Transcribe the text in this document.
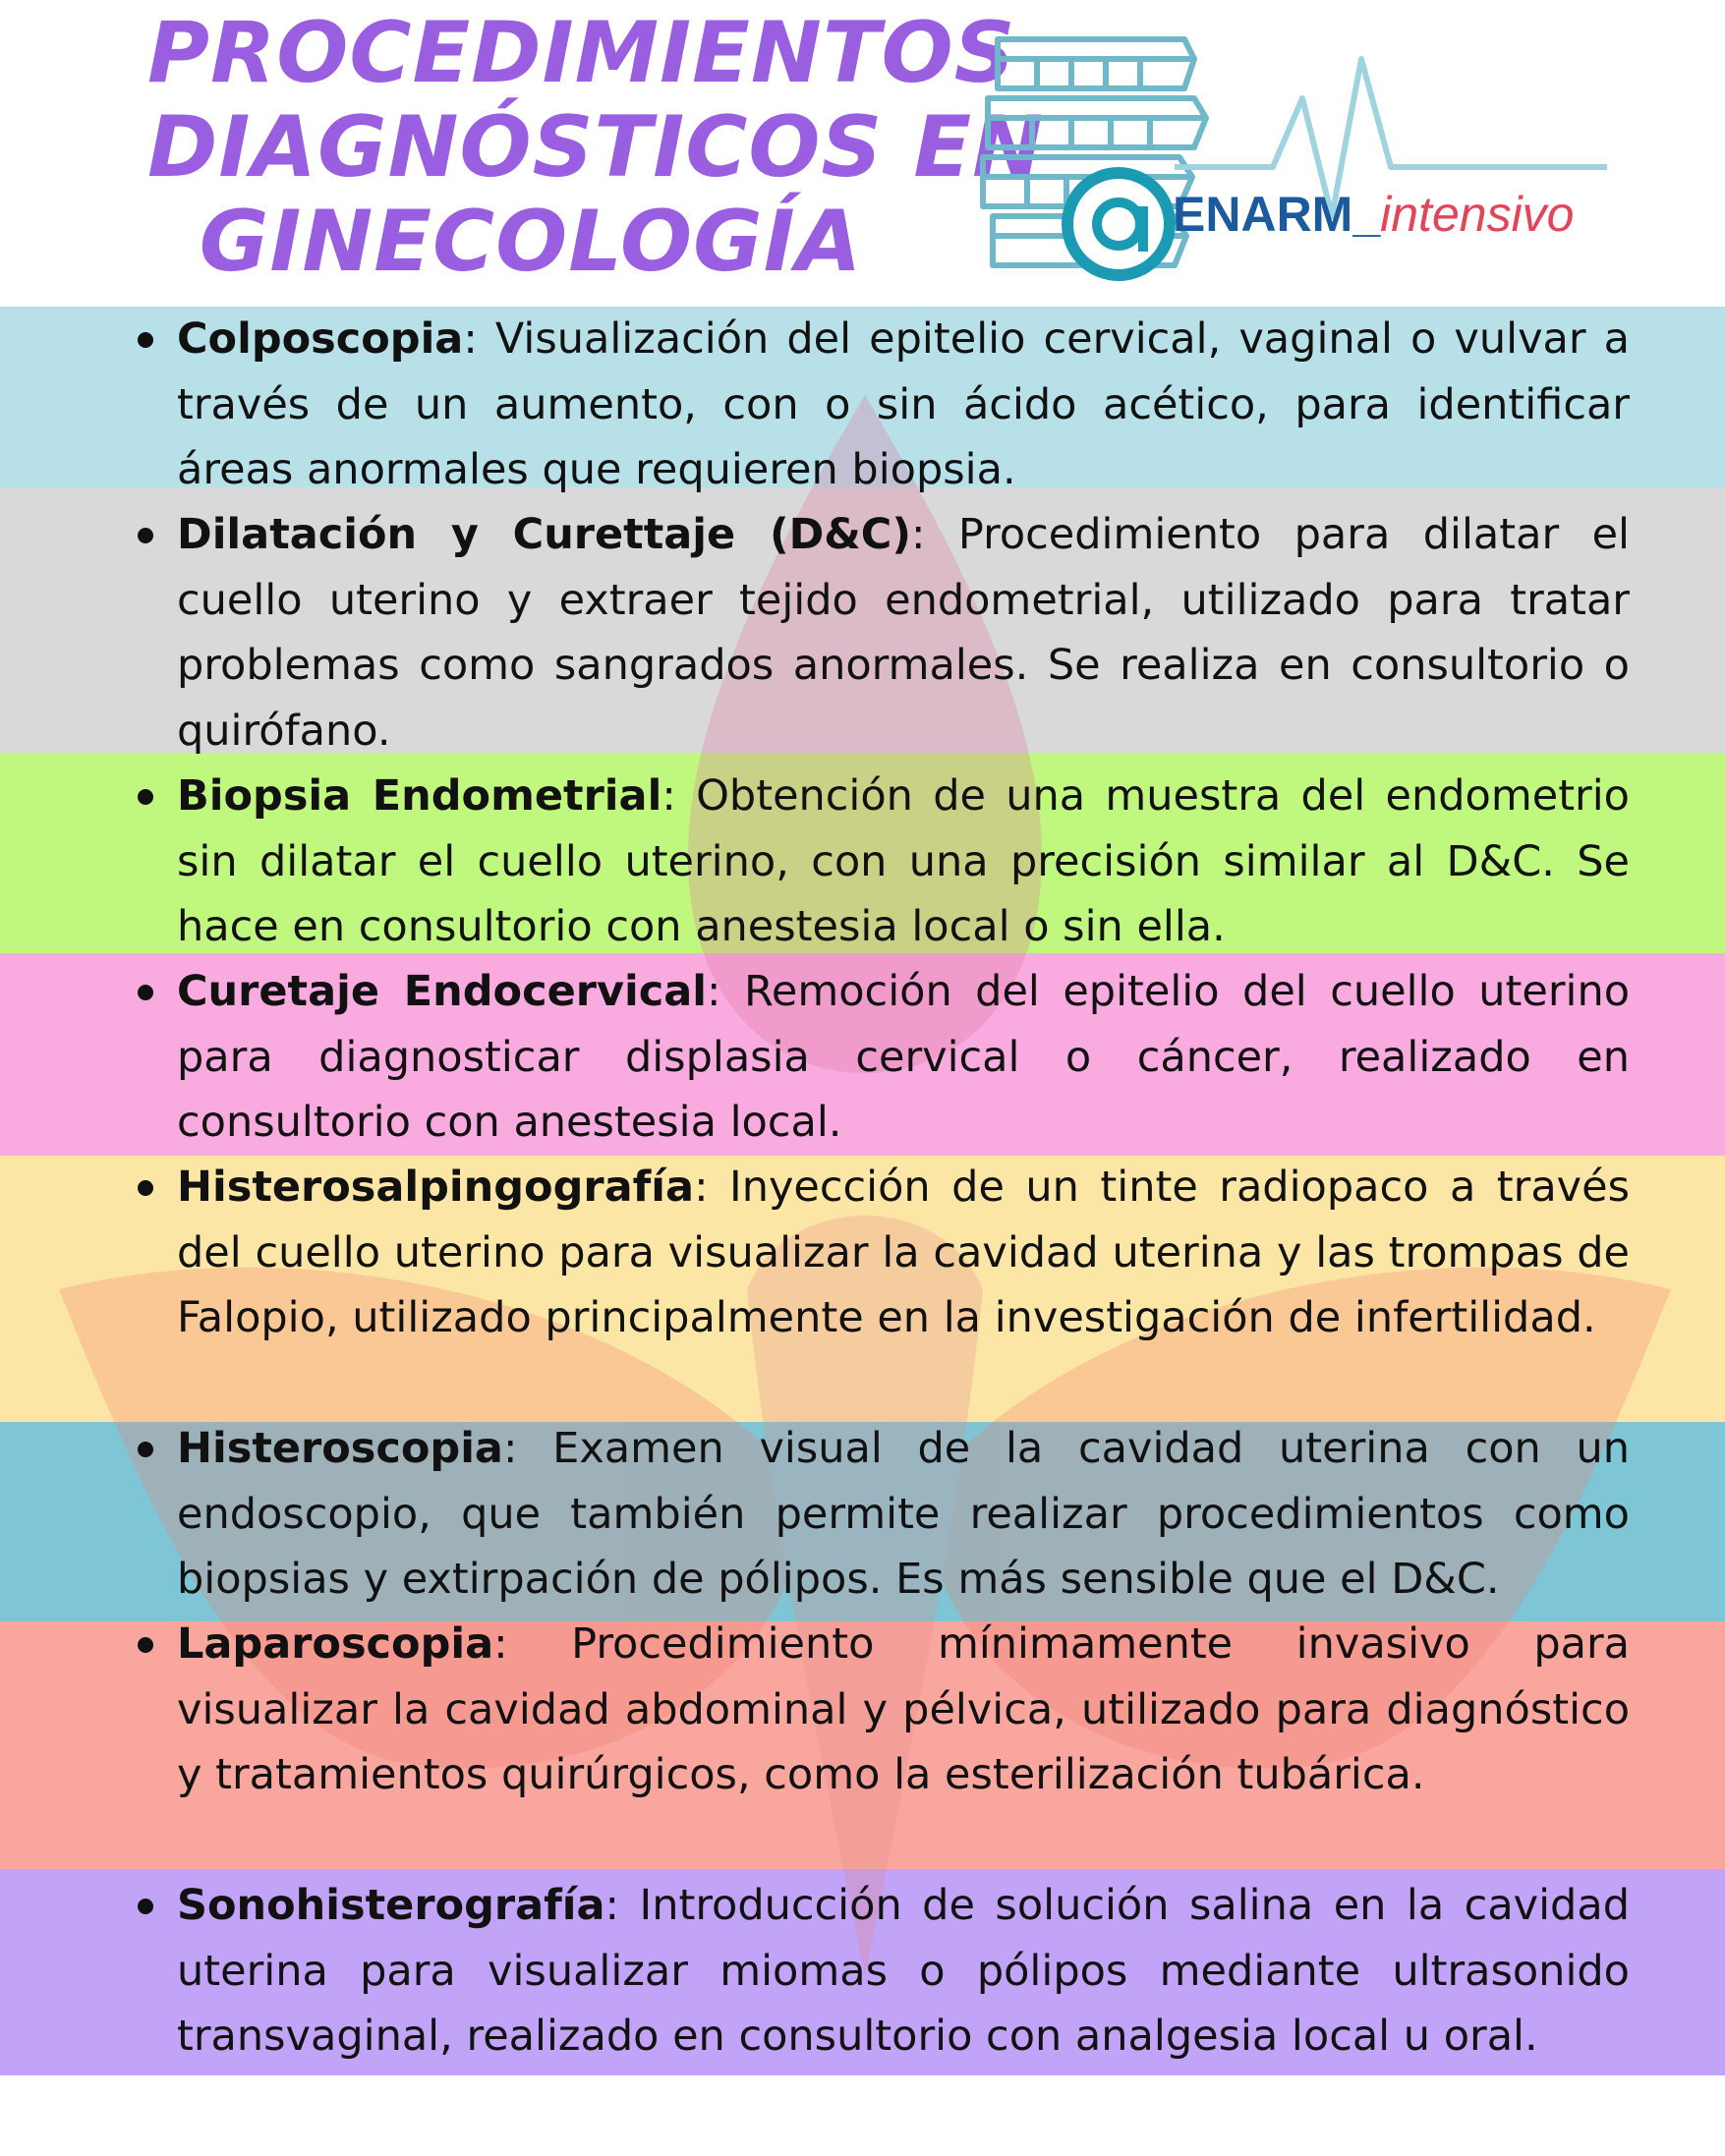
PROCEDIMIENTOS
DIAGNÓSTICOS EN
GINECOLOGÍA	ENARM_intensivo
Colposcopia: Visualización del epitelio cervical, vaginal o vulvar a través de un aumento, con o sin ácido acético, para identificar áreas anormales que requieren biopsia.
Dilatación y Curettaje (D&C): Procedimiento para dilatar el cuello uterino y extraer tejido endometrial, utilizado para tratar problemas como sangrados anormales. Se realiza en consultorio o quirófano.
Biopsia Endometrial: Obtención de una muestra del endometrio sin dilatar el cuello uterino, con una precisión similar al D&C. Se hace en consultorio con anestesia local o sin ella.
Curetaje Endocervical: Remoción del epitelio del cuello uterino para diagnosticar displasia cervical o cáncer, realizado en consultorio con anestesia local.
Histerosalpingografía: Inyección de un tinte radiopaco a través del cuello uterino para visualizar la cavidad uterina y las trompas de Falopio, utilizado principalmente en la investigación de infertilidad.
Histeroscopia: Examen visual de la cavidad uterina con un endoscopio, que también permite realizar procedimientos como biopsias y extirpación de pólipos. Es más sensible que el D&C.
Laparoscopia: Procedimiento mínimamente invasivo para visualizar la cavidad abdominal y pélvica, utilizado para diagnóstico y tratamientos quirúrgicos, como la esterilización tubárica.
Sonohisterografía: Introducción de solución salina en la cavidad uterina para visualizar miomas o pólipos mediante ultrasonido transvaginal, realizado en consultorio con analgesia local u oral.
